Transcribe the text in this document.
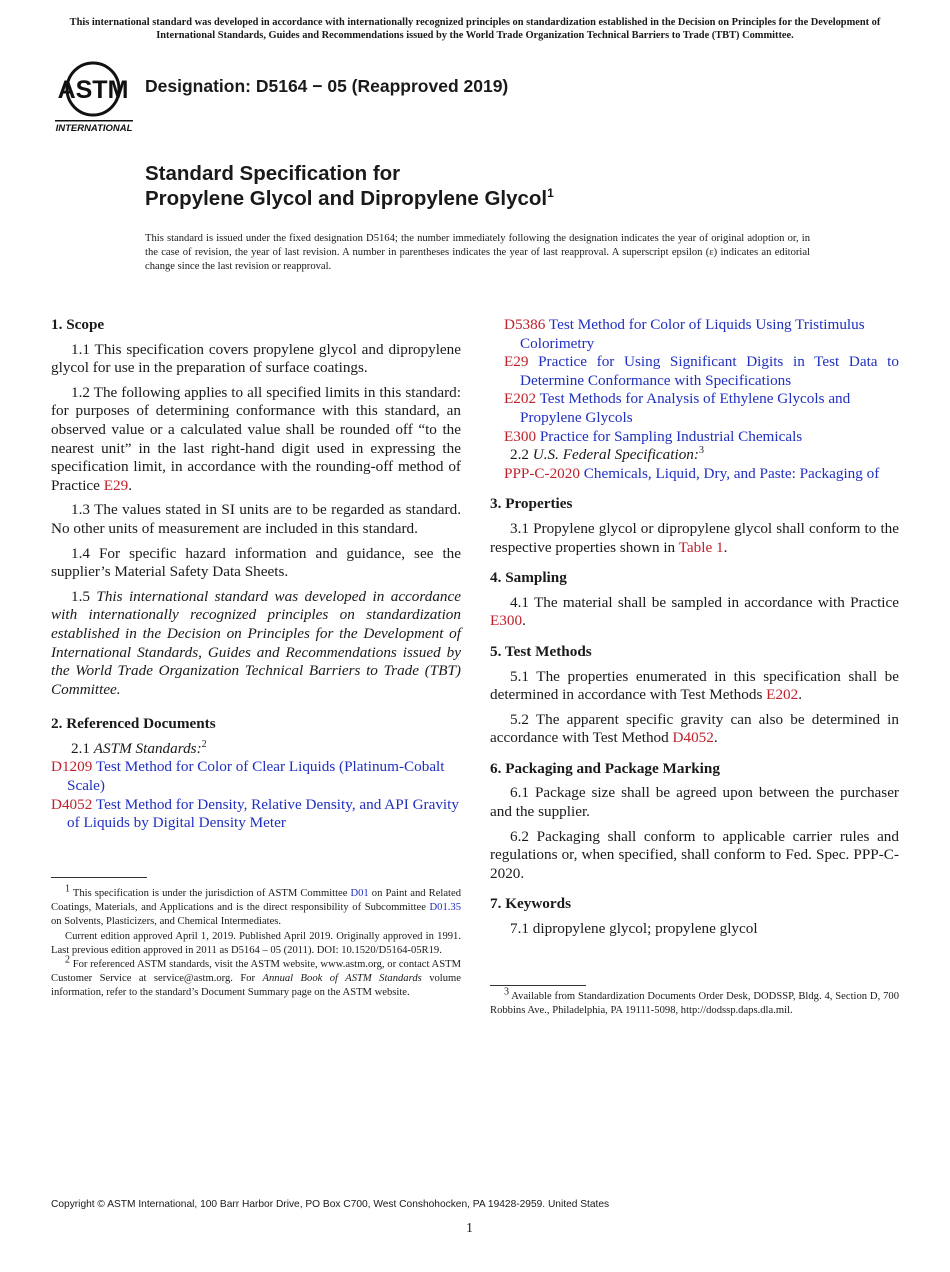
This international standard was developed in accordance with internationally recognized principles on standardization established in the Decision on Principles for the Development of International Standards, Guides and Recommendations issued by the World Trade Organization Technical Barriers to Trade (TBT) Committee.
ASTM
INTERNATIONAL
Designation: D5164 − 05 (Reapproved 2019)
Standard Specification for
Propylene Glycol and Dipropylene Glycol$^1$
This standard is issued under the fixed designation D5164; the number immediately following the designation indicates the year of original adoption or, in the case of revision, the year of last revision. A number in parentheses indicates the year of last reapproval. A superscript epsilon (ε) indicates an editorial change since the last revision or reapproval.

1. Scope

1.1 This specification covers propylene glycol and dipropylene glycol for use in the preparation of surface coatings.

1.2 The following applies to all specified limits in this standard: for purposes of determining conformance with this standard, an observed value or a calculated value shall be rounded off “to the nearest unit” in the last right-hand digit used in expressing the specification limit, in accordance with the rounding-off method of Practice E29.

1.3 The values stated in SI units are to be regarded as standard. No other units of measurement are included in this standard.

1.4 For specific hazard information and guidance, see the supplier’s Material Safety Data Sheets.

1.5 This international standard was developed in accordance with internationally recognized principles on standardization established in the Decision on Principles for the Development of International Standards, Guides and Recommendations issued by the World Trade Organization Technical Barriers to Trade (TBT) Committee.

2. Referenced Documents

2.1 ASTM Standards:$^2$

D1209 Test Method for Color of Clear Liquids (Platinum-Cobalt Scale)

D4052 Test Method for Density, Relative Density, and API Gravity of Liquids by Digital Density Meter

$^1$ This specification is under the jurisdiction of ASTM Committee D01 on Paint and Related Coatings, Materials, and Applications and is the direct responsibility of Subcommittee D01.35 on Solvents, Plasticizers, and Chemical Intermediates.

Current edition approved April 1, 2019. Published April 2019. Originally approved in 1991. Last previous edition approved in 2011 as D5164 – 05 (2011). DOI: 10.1520/D5164-05R19.

$^2$ For referenced ASTM standards, visit the ASTM website, www.astm.org, or contact ASTM Customer Service at service@astm.org. For Annual Book of ASTM Standards volume information, refer to the standard’s Document Summary page on the ASTM website.

D5386 Test Method for Color of Liquids Using Tristimulus Colorimetry

E29 Practice for Using Significant Digits in Test Data to Determine Conformance with Specifications

E202 Test Methods for Analysis of Ethylene Glycols and Propylene Glycols

E300 Practice for Sampling Industrial Chemicals

2.2 U.S. Federal Specification:$^3$

PPP-C-2020 Chemicals, Liquid, Dry, and Paste: Packaging of

3. Properties

3.1 Propylene glycol or dipropylene glycol shall conform to the respective properties shown in Table 1.

4. Sampling

4.1 The material shall be sampled in accordance with Practice E300.

5. Test Methods

5.1 The properties enumerated in this specification shall be determined in accordance with Test Methods E202.

5.2 The apparent specific gravity can also be determined in accordance with Test Method D4052.

6. Packaging and Package Marking

6.1 Package size shall be agreed upon between the purchaser and the supplier.

6.2 Packaging shall conform to applicable carrier rules and regulations or, when specified, shall conform to Fed. Spec. PPP-C-2020.

7. Keywords

7.1 dipropylene glycol; propylene glycol

$^3$ Available from Standardization Documents Order Desk, DODSSP, Bldg. 4, Section D, 700 Robbins Ave., Philadelphia, PA 19111-5098, http://dodssp.daps.dla.mil.

Copyright © ASTM International, 100 Barr Harbor Drive, PO Box C700, West Conshohocken, PA 19428-2959. United States
1
